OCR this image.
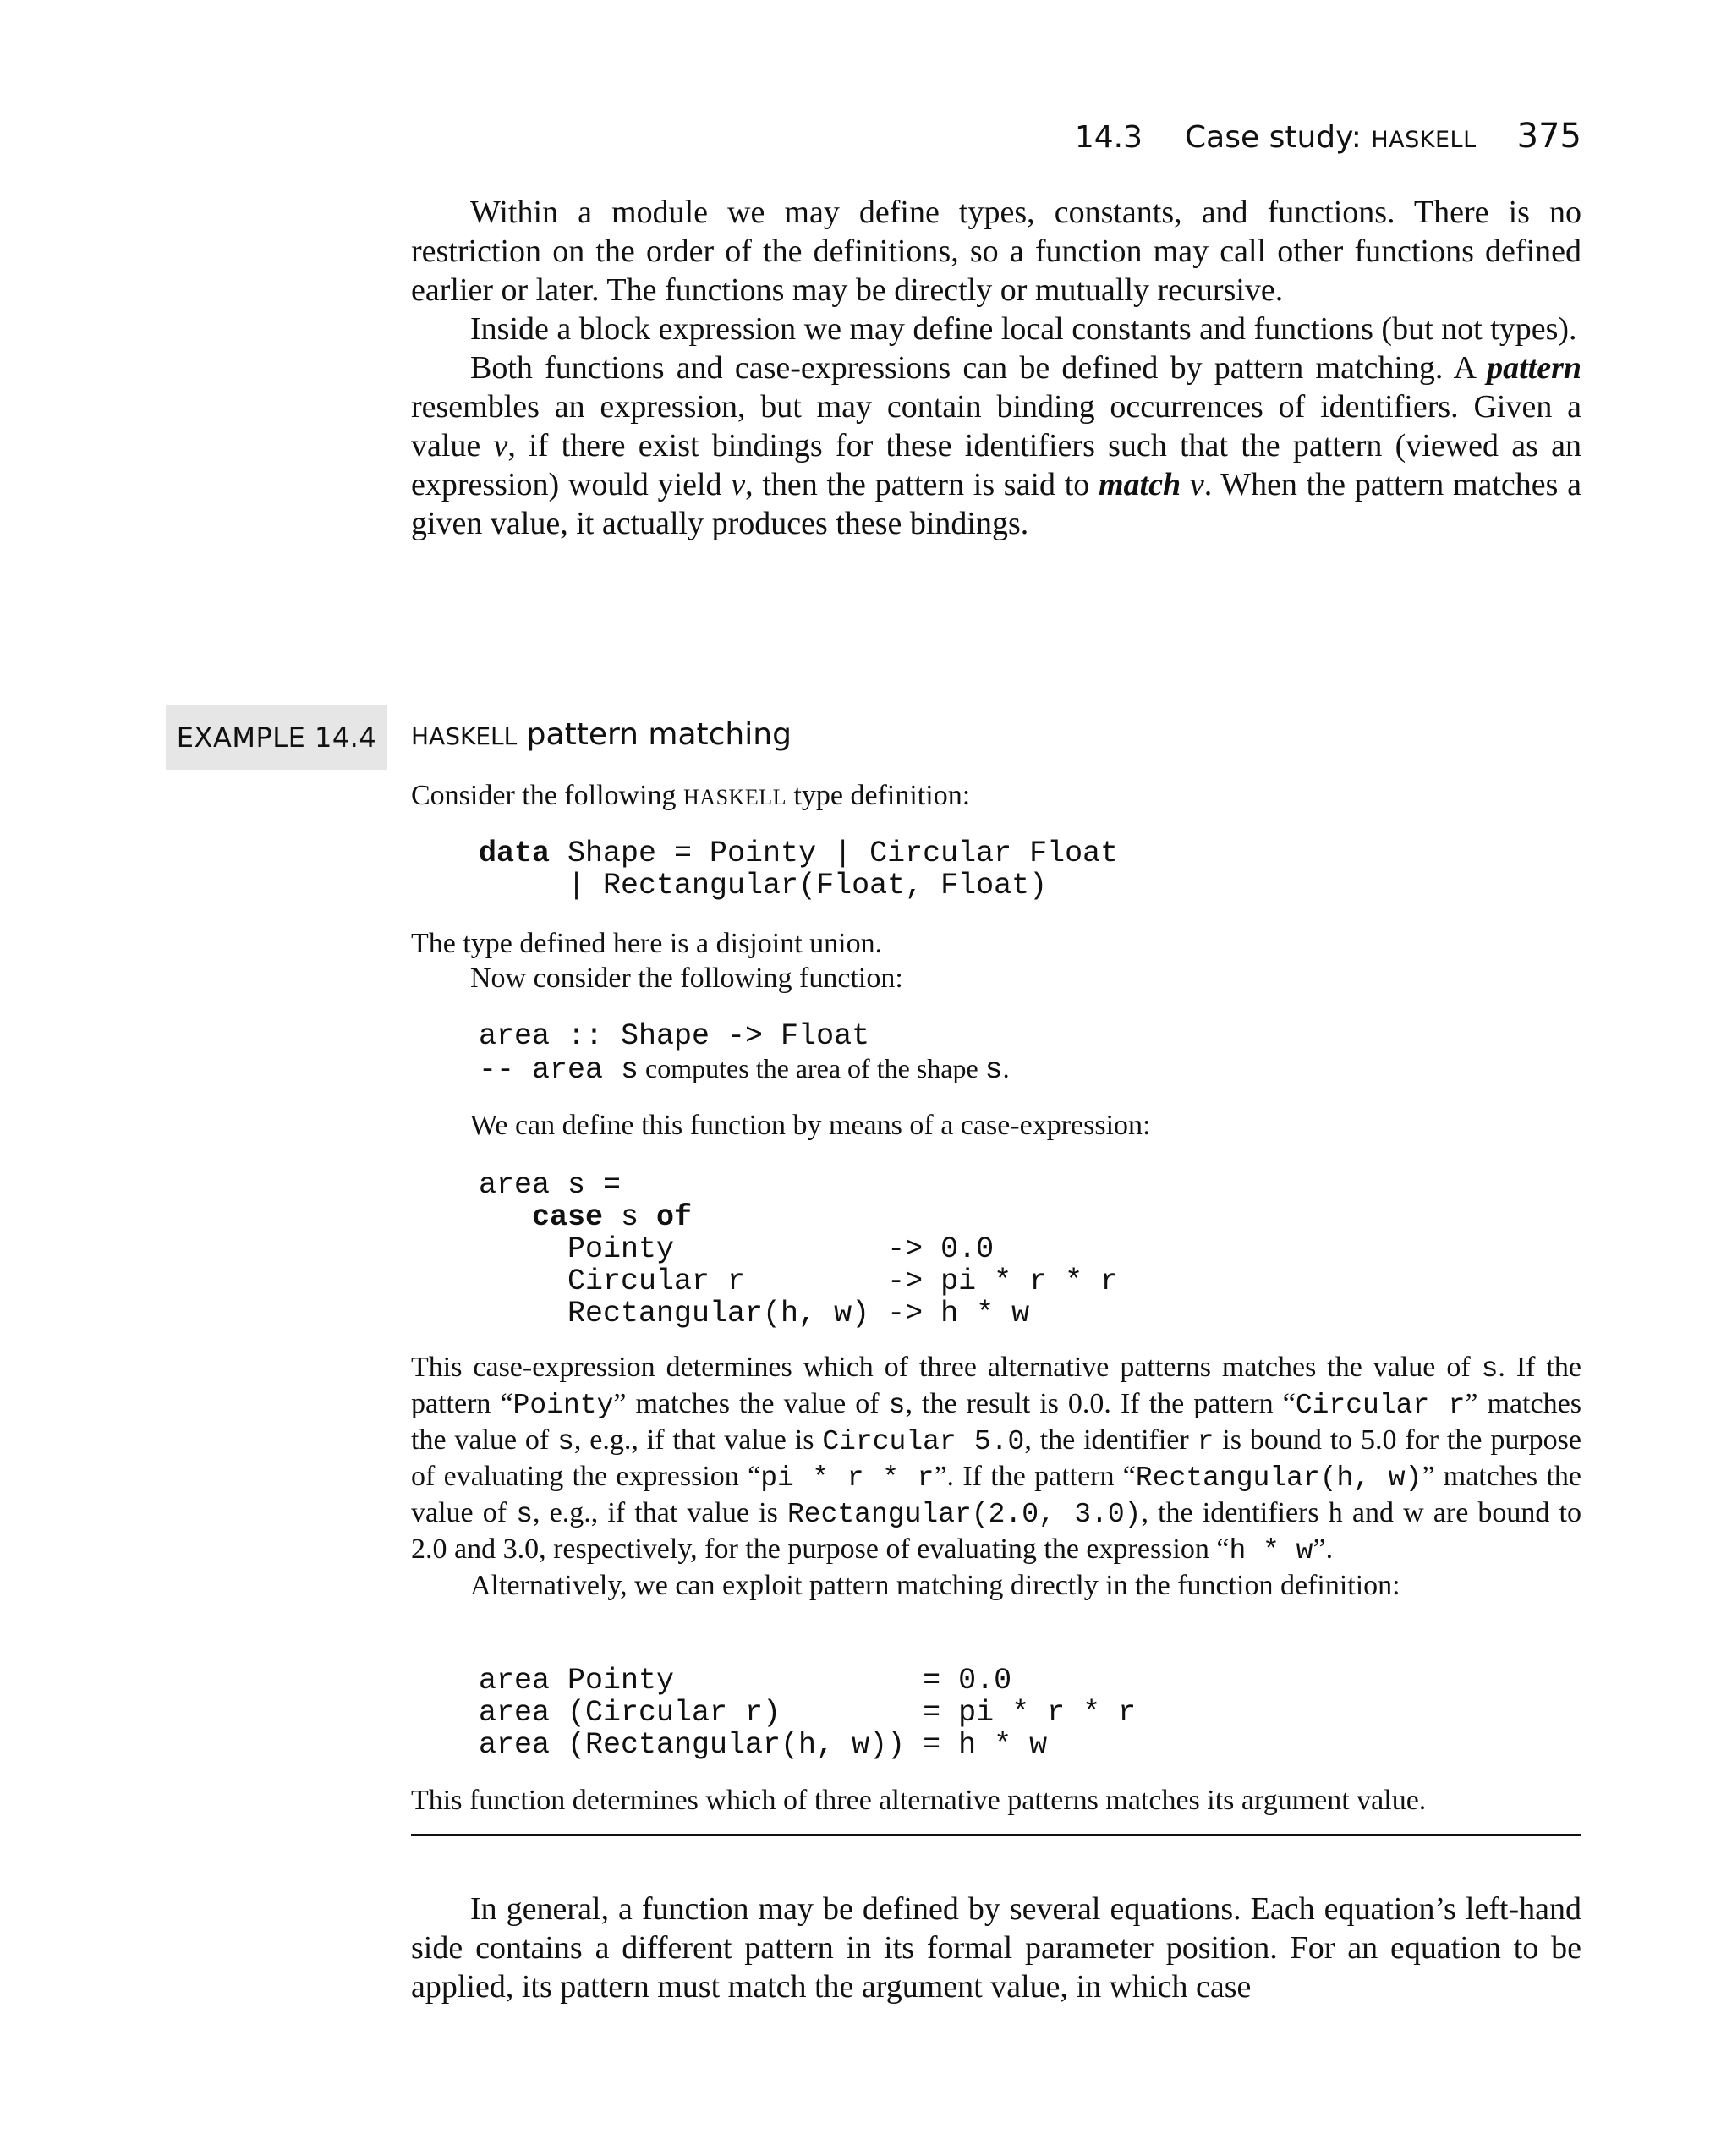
14.3 Case study: HASKELL 375

Within a module we may define types, constants, and functions. There is no restriction on the order of the definitions, so a function may call other functions defined earlier or later. The functions may be directly or mutually recursive.

Inside a block expression we may define local constants and functions (but not types).

Both functions and case-expressions can be defined by pattern matching. A pattern resembles an expression, but may contain binding occurrences of identifiers. Given a value v, if there exist bindings for these identifiers such that the pattern (viewed as an expression) would yield v, then the pattern is said to match v. When the pattern matches a given value, it actually produces these bindings.

EXAMPLE 14.4	HASKELL pattern matching

Consider the following HASKELL type definition:

data Shape = Pointy | Circular Float
| Rectangular(Float, Float)

The type defined here is a disjoint union.

Now consider the following function:

area :: Shape -> Float
-- area s computes the area of the shape s.

We can define this function by means of a case-expression:

area s =
case s of
Pointy            -> 0.0
Circular r        -> pi * r * r
Rectangular(h, w) -> h * w

This case-expression determines which of three alternative patterns matches the value of s. If the pattern “Pointy” matches the value of s, the result is 0.0. If the pattern “Circular r” matches the value of s, e.g., if that value is Circular 5.0, the identifier r is bound to 5.0 for the purpose of evaluating the expression “pi * r * r”. If the pattern “Rectangular(h, w)” matches the value of s, e.g., if that value is Rectangular(2.0, 3.0), the identifiers h and w are bound to 2.0 and 3.0, respectively, for the purpose of evaluating the expression “h * w”.

Alternatively, we can exploit pattern matching directly in the function definition:

area Pointy              = 0.0
area (Circular r)        = pi * r * r
area (Rectangular(h, w)) = h * w

This function determines which of three alternative patterns matches its argument value.

In general, a function may be defined by several equations. Each equation’s left-hand side contains a different pattern in its formal parameter position. For an equation to be applied, its pattern must match the argument value, in which case
